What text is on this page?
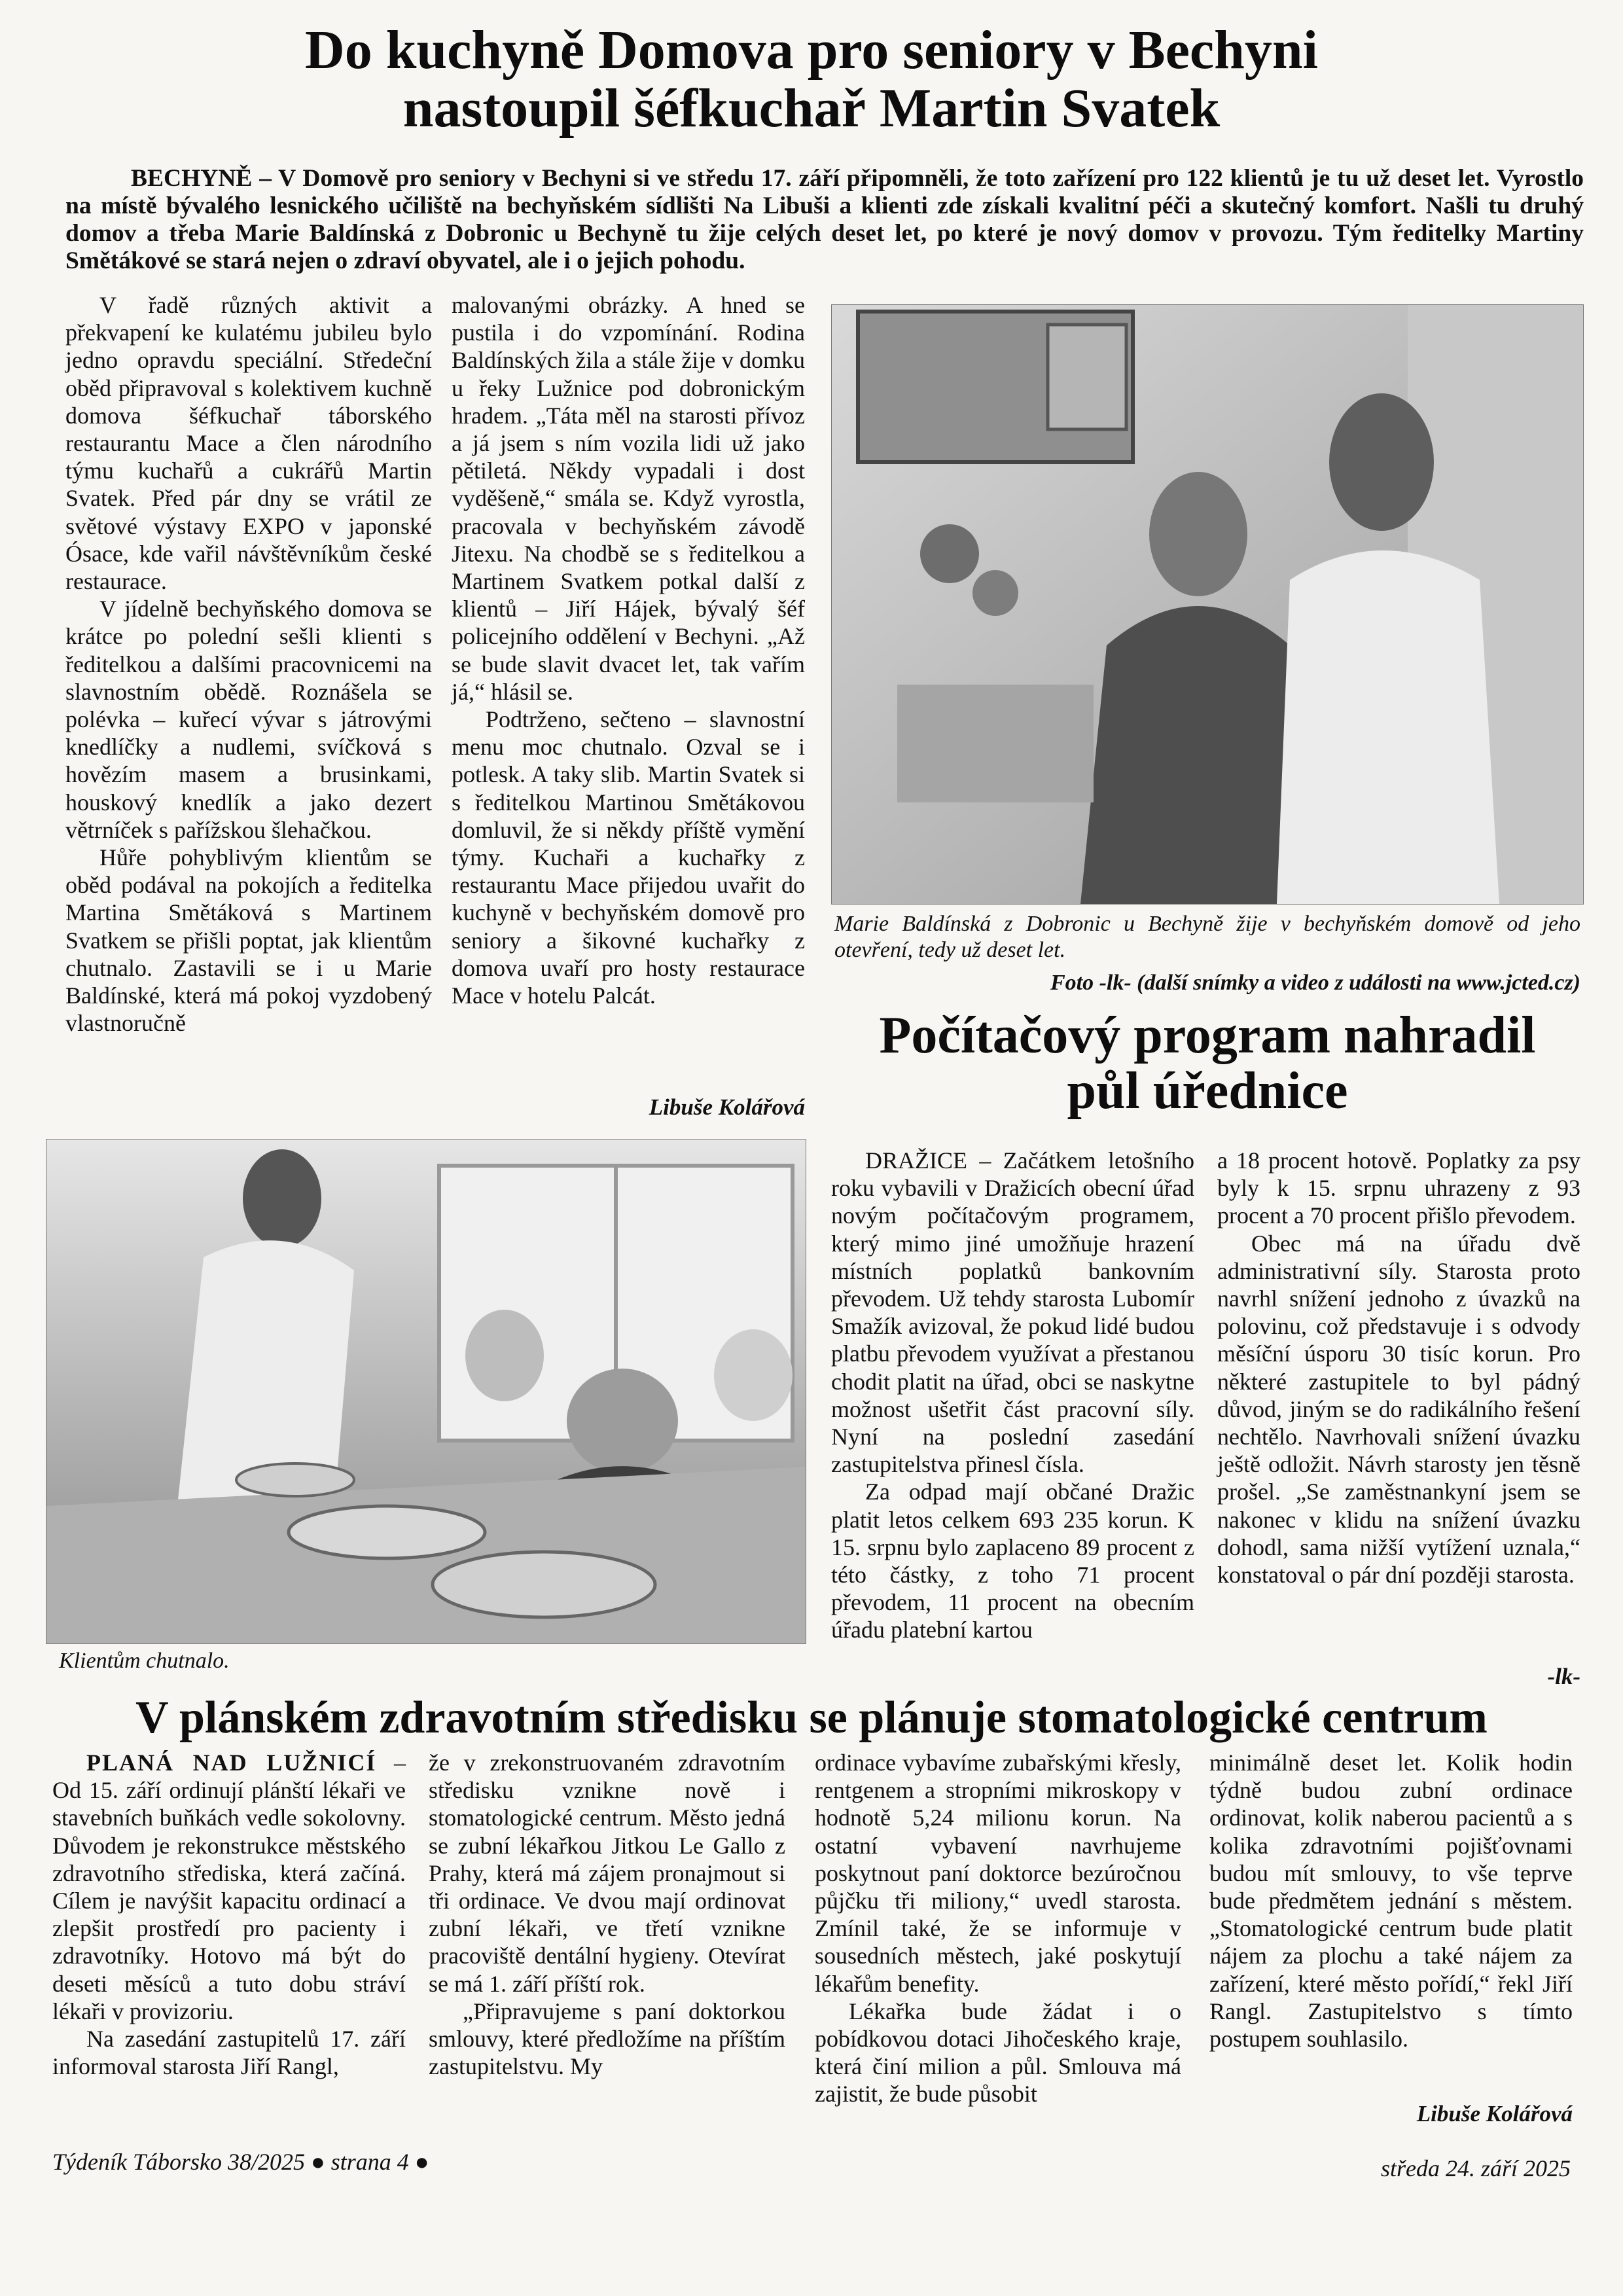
Do kuchyně Domova pro seniory v Bechyni
nastoupil šéfkuchař Martin Svatek
BECHYNĚ – V Domově pro seniory v Bechyni si ve středu 17. září připomněli, že toto zařízení pro 122 klientů je tu už deset let. Vyrostlo na místě bývalého lesnického učiliště na bechyňském sídlišti Na Libuši a klienti zde získali kvalitní péči a skutečný komfort. Našli tu druhý domov a třeba Marie Baldínská z Dobronic u Bechyně tu žije celých deset let, po které je nový domov v provozu. Tým ředitelky Martiny Smětákové se stará nejen o zdraví obyvatel, ale i o jejich pohodu.

V řadě různých aktivit a překvapení ke kulatému jubileu bylo jedno opravdu speciální. Středeční oběd připravoval s kolektivem kuchně domova šéfkuchař táborského restaurantu Mace a člen národního týmu kuchařů a cukrářů Martin Svatek. Před pár dny se vrátil ze světové výstavy EXPO v japonské Ósace, kde vařil návštěvníkům české restaurace.

V jídelně bechyňského domova se krátce po polední sešli klienti s ředitelkou a dalšími pracovnicemi na slavnostním obědě. Roznášela se polévka – kuřecí vývar s játrovými knedlíčky a nudlemi, svíčková s hovězím masem a brusinkami, houskový knedlík a jako dezert větrníček s pařížskou šlehačkou.

Hůře pohyblivým klientům se oběd podával na pokojích a ředitelka Martina Smětáková s Martinem Svatkem se přišli poptat, jak klientům chutnalo. Zastavili se i u Marie Baldínské, která má pokoj vyzdobený vlastnoručně

malovanými obrázky. A hned se pustila i do vzpomínání. Rodina Baldínských žila a stále žije v domku u řeky Lužnice pod dobronickým hradem. „Táta měl na starosti přívoz a já jsem s ním vozila lidi už jako pětiletá. Někdy vypadali i dost vyděšeně,“ smála se. Když vyrostla, pracovala v bechyňském závodě Jitexu. Na chodbě se s ředitelkou a Martinem Svatkem potkal další z klientů – Jiří Hájek, bývalý šéf policejního oddělení v Bechyni. „Až se bude slavit dvacet let, tak vařím já,“ hlásil se.

Podtrženo, sečteno – slavnostní menu moc chutnalo. Ozval se i potlesk. A taky slib. Martin Svatek si s ředitelkou Martinou Smětákovou domluvil, že si někdy příště vymění týmy. Kuchaři a kuchařky z restaurantu Mace přijedou uvařit do kuchyně v bechyňském domově pro seniory a šikovné kuchařky z domova uvaří pro hosty restaurace Mace v hotelu Palcát.

Libuše Kolářová
Marie Baldínská z Dobronic u Bechyně žije v bechyňském domově od jeho otevření, tedy už deset let.
Foto -lk- (další snímky a video z události na www.jcted.cz)
Klientům chutnalo.
Počítačový program nahradil
půl úřednice

DRAŽICE – Začátkem letošního roku vybavili v Dražicích obecní úřad novým počítačovým programem, který mimo jiné umožňuje hrazení místních poplatků bankovním převodem. Už tehdy starosta Lubomír Smažík avizoval, že pokud lidé budou platbu převodem využívat a přestanou chodit platit na úřad, obci se naskytne možnost ušetřit část pracovní síly. Nyní na poslední zasedání zastupitelstva přinesl čísla.

Za odpad mají občané Dražic platit letos celkem 693 235 korun. K 15. srpnu bylo zaplaceno 89 procent z této částky, z toho 71 procent převodem, 11 procent na obecním úřadu platební kartou

a 18 procent hotově. Poplatky za psy byly k 15. srpnu uhrazeny z 93 procent a 70 procent přišlo převodem.

Obec má na úřadu dvě administrativní síly. Starosta proto navrhl snížení jednoho z úvazků na polovinu, což představuje i s odvody měsíční úsporu 30 tisíc korun. Pro některé zastupitele to byl pádný důvod, jiným se do radikálního řešení nechtělo. Navrhovali snížení úvazku ještě odložit. Návrh starosty jen těsně prošel. „Se zaměstnankyní jsem se nakonec v klidu na snížení úvazku dohodl, sama nižší vytížení uznala,“ konstatoval o pár dní později starosta.

-lk-
V plánském zdravotním středisku se plánuje stomatologické centrum

PLANÁ NAD LUŽNICÍ – Od 15. září ordinují plánští lékaři ve stavebních buňkách vedle sokolovny. Důvodem je rekonstrukce městského zdravotního střediska, která začíná. Cílem je navýšit kapacitu ordinací a zlepšit prostředí pro pacienty i zdravotníky. Hotovo má být do deseti měsíců a tuto dobu stráví lékaři v provizoriu.

Na zasedání zastupitelů 17. září informoval starosta Jiří Rangl,

že v zrekonstruovaném zdravotním středisku vznikne nově i stomatologické centrum. Město jedná se zubní lékařkou Jitkou Le Gallo z Prahy, která má zájem pronajmout si tři ordinace. Ve dvou mají ordinovat zubní lékaři, ve třetí vznikne pracoviště dentální hygieny. Otevírat se má 1. září příští rok.

„Připravujeme s paní doktorkou smlouvy, které předložíme na příštím zastupitelstvu. My

ordinace vybavíme zubařskými křesly, rentgenem a stropními mikroskopy v hodnotě 5,24 milionu korun. Na ostatní vybavení navrhujeme poskytnout paní doktorce bezúročnou půjčku tři miliony,“ uvedl starosta. Zmínil také, že se informuje v sousedních městech, jaké poskytují lékařům benefity.

Lékařka bude žádat i o pobídkovou dotaci Jihočeského kraje, která činí milion a půl. Smlouva má zajistit, že bude působit

minimálně deset let. Kolik hodin týdně budou zubní ordinace ordinovat, kolik naberou pacientů a s kolika zdravotními pojišťovnami budou mít smlouvy, to vše teprve bude předmětem jednání s městem. „Stomatologické centrum bude platit nájem za plochu a také nájem za zařízení, které město pořídí,“ řekl Jiří Rangl. Zastupitelstvo s tímto postupem souhlasilo.

Libuše Kolářová
Týdeník Táborsko 38/2025 ● strana 4 ●	středa 24. září 2025
